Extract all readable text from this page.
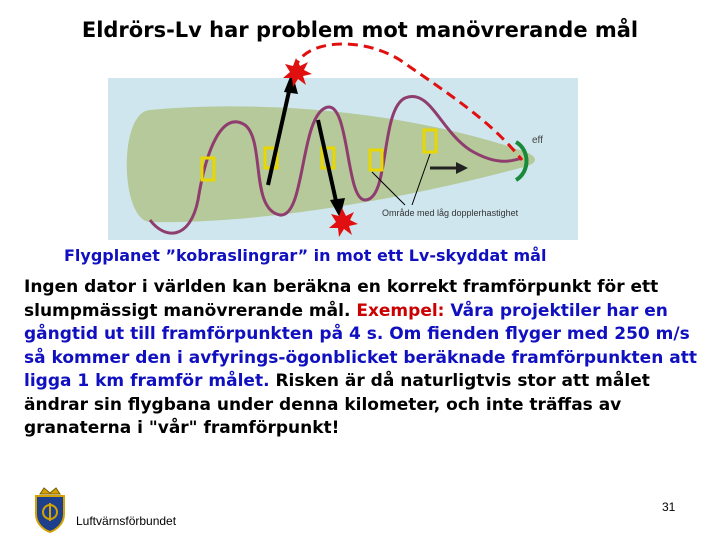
Eldrörs-Lv har problem mot manövrerande mål
eff
Område med låg dopplerhastighet
Flygplanet ”kobraslingrar” in mot ett Lv-skyddat mål
Ingen dator i världen kan beräkna en korrekt framförpunkt för ett slumpmässigt manövrerande mål. Exempel: Våra projektiler har en gångtid ut till framförpunkten på 4 s. Om fienden flyger med 250 m/s så kommer den i avfyrings-ögonblicket beräknade framförpunkten att ligga 1 km framför målet. Risken är då naturligtvis stor att målet ändrar sin flygbana under denna kilometer, och inte träffas av granaterna i "vår" framförpunkt!
Luftvärnsförbundet
31
